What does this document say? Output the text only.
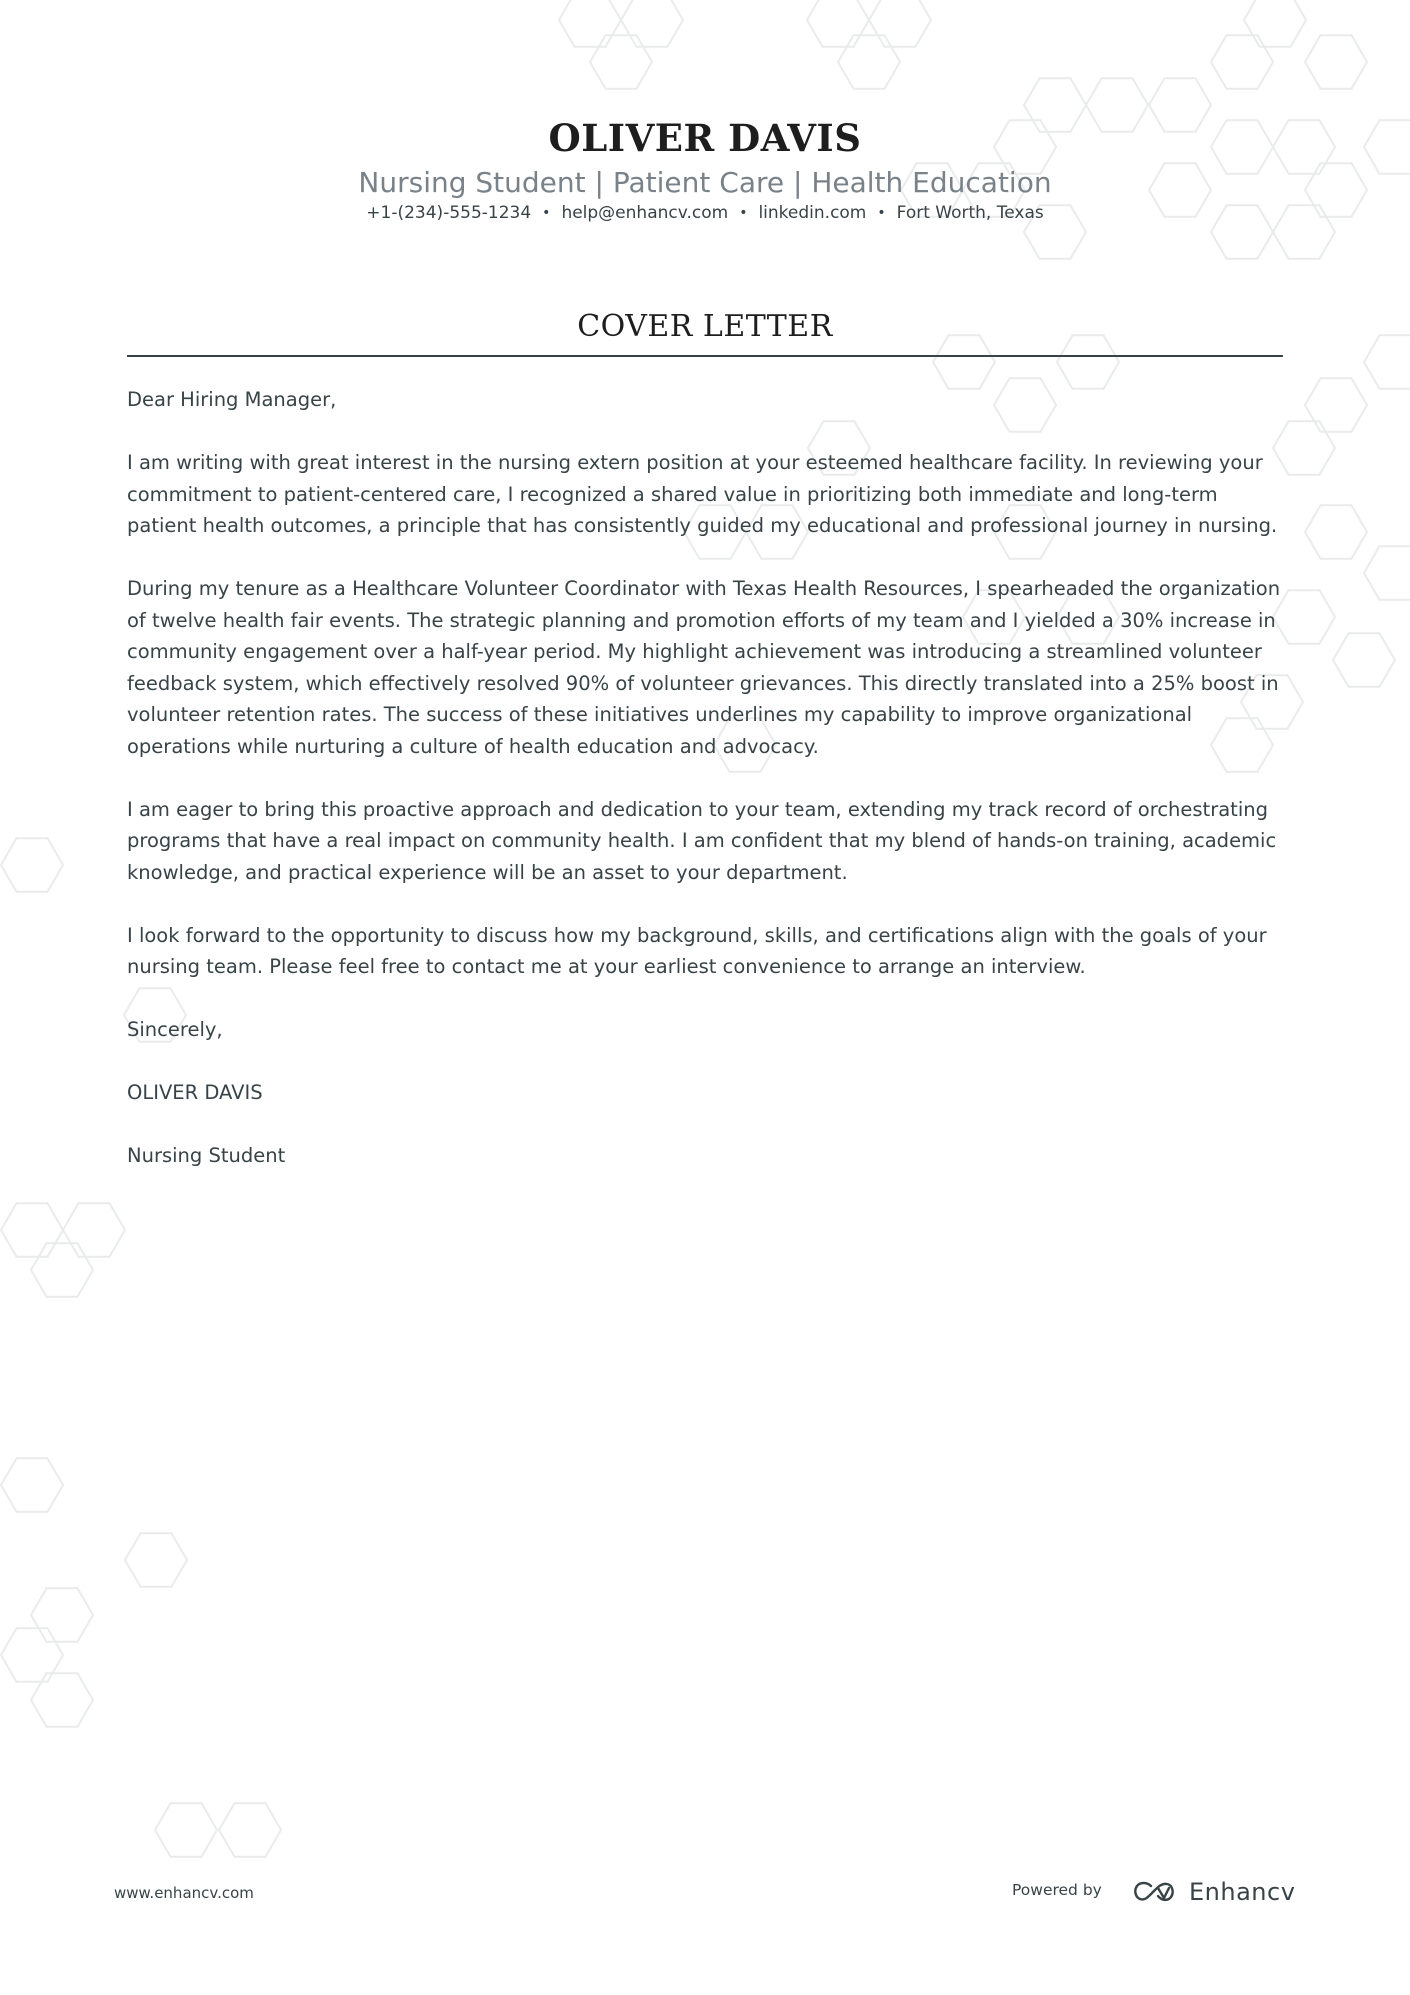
OLIVER DAVIS
Nursing Student | Patient Care | Health Education
+1-(234)-555-1234 • help@enhancv.com • linkedin.com • Fort Worth, Texas
COVER LETTER

Dear Hiring Manager,

I am writing with great interest in the nursing extern position at your esteemed healthcare facility. In reviewing your commitment to patient-centered care, I recognized a shared value in prioritizing both immediate and long-term patient health outcomes, a principle that has consistently guided my educational and professional journey in nursing.

During my tenure as a Healthcare Volunteer Coordinator with Texas Health Resources, I spearheaded the organization of twelve health fair events. The strategic planning and promotion efforts of my team and I yielded a 30% increase in community engagement over a half-year period. My highlight achievement was introducing a streamlined volunteer feedback system, which effectively resolved 90% of volunteer grievances. This directly translated into a 25% boost in volunteer retention rates. The success of these initiatives underlines my capability to improve organizational operations while nurturing a culture of health education and advocacy.

I am eager to bring this proactive approach and dedication to your team, extending my track record of orchestrating programs that have a real impact on community health. I am confident that my blend of hands-on training, academic knowledge, and practical experience will be an asset to your department.

I look forward to the opportunity to discuss how my background, skills, and certifications align with the goals of your nursing team. Please feel free to contact me at your earliest convenience to arrange an interview.

Sincerely,

OLIVER DAVIS

Nursing Student

www.enhancv.com	Powered by	Enhancv
